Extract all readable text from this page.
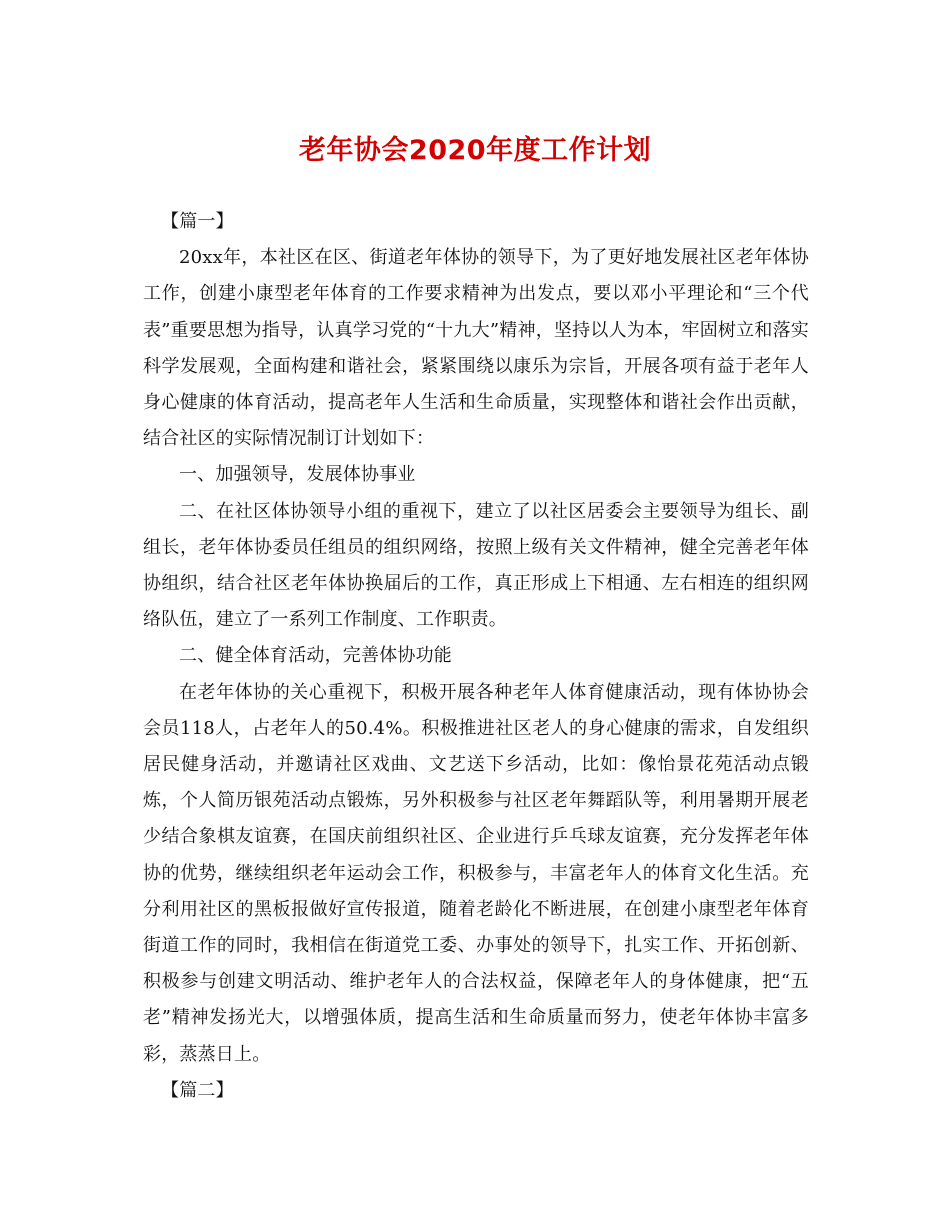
老年协会2020年度工作计划

【篇一】

20xx年，本社区在区、街道老年体协的领导下，为了更好地发展社区老年体协工作，创建小康型老年体育的工作要求精神为出发点，要以邓小平理论和“三个代表”重要思想为指导，认真学习党的“十九大”精神，坚持以人为本，牢固树立和落实科学发展观，全面构建和谐社会，紧紧围绕以康乐为宗旨，开展各项有益于老年人身心健康的体育活动，提高老年人生活和生命质量，实现整体和谐社会作出贡献，结合社区的实际情况制订计划如下：

一、加强领导，发展体协事业

二、在社区体协领导小组的重视下，建立了以社区居委会主要领导为组长、副组长，老年体协委员任组员的组织网络，按照上级有关文件精神，健全完善老年体协组织，结合社区老年体协换届后的工作，真正形成上下相通、左右相连的组织网络队伍，建立了一系列工作制度、工作职责。

二、健全体育活动，完善体协功能

在老年体协的关心重视下，积极开展各种老年人体育健康活动，现有体协协会会员118人，占老年人的50.4%。积极推进社区老人的身心健康的需求，自发组织居民健身活动，并邀请社区戏曲、文艺送下乡活动，比如：像怡景花苑活动点锻炼，个人简历银苑活动点锻炼，另外积极参与社区老年舞蹈队等，利用暑期开展老少结合象棋友谊赛，在国庆前组织社区、企业进行乒乓球友谊赛，充分发挥老年体协的优势，继续组织老年运动会工作，积极参与，丰富老年人的体育文化生活。充分利用社区的黑板报做好宣传报道，随着老龄化不断进展，在创建小康型老年体育街道工作的同时，我相信在街道党工委、办事处的领导下，扎实工作、开拓创新、积极参与创建文明活动、维护老年人的合法权益，保障老年人的身体健康，把“五老”精神发扬光大，以增强体质，提高生活和生命质量而努力，使老年体协丰富多彩，蒸蒸日上。

【篇二】
